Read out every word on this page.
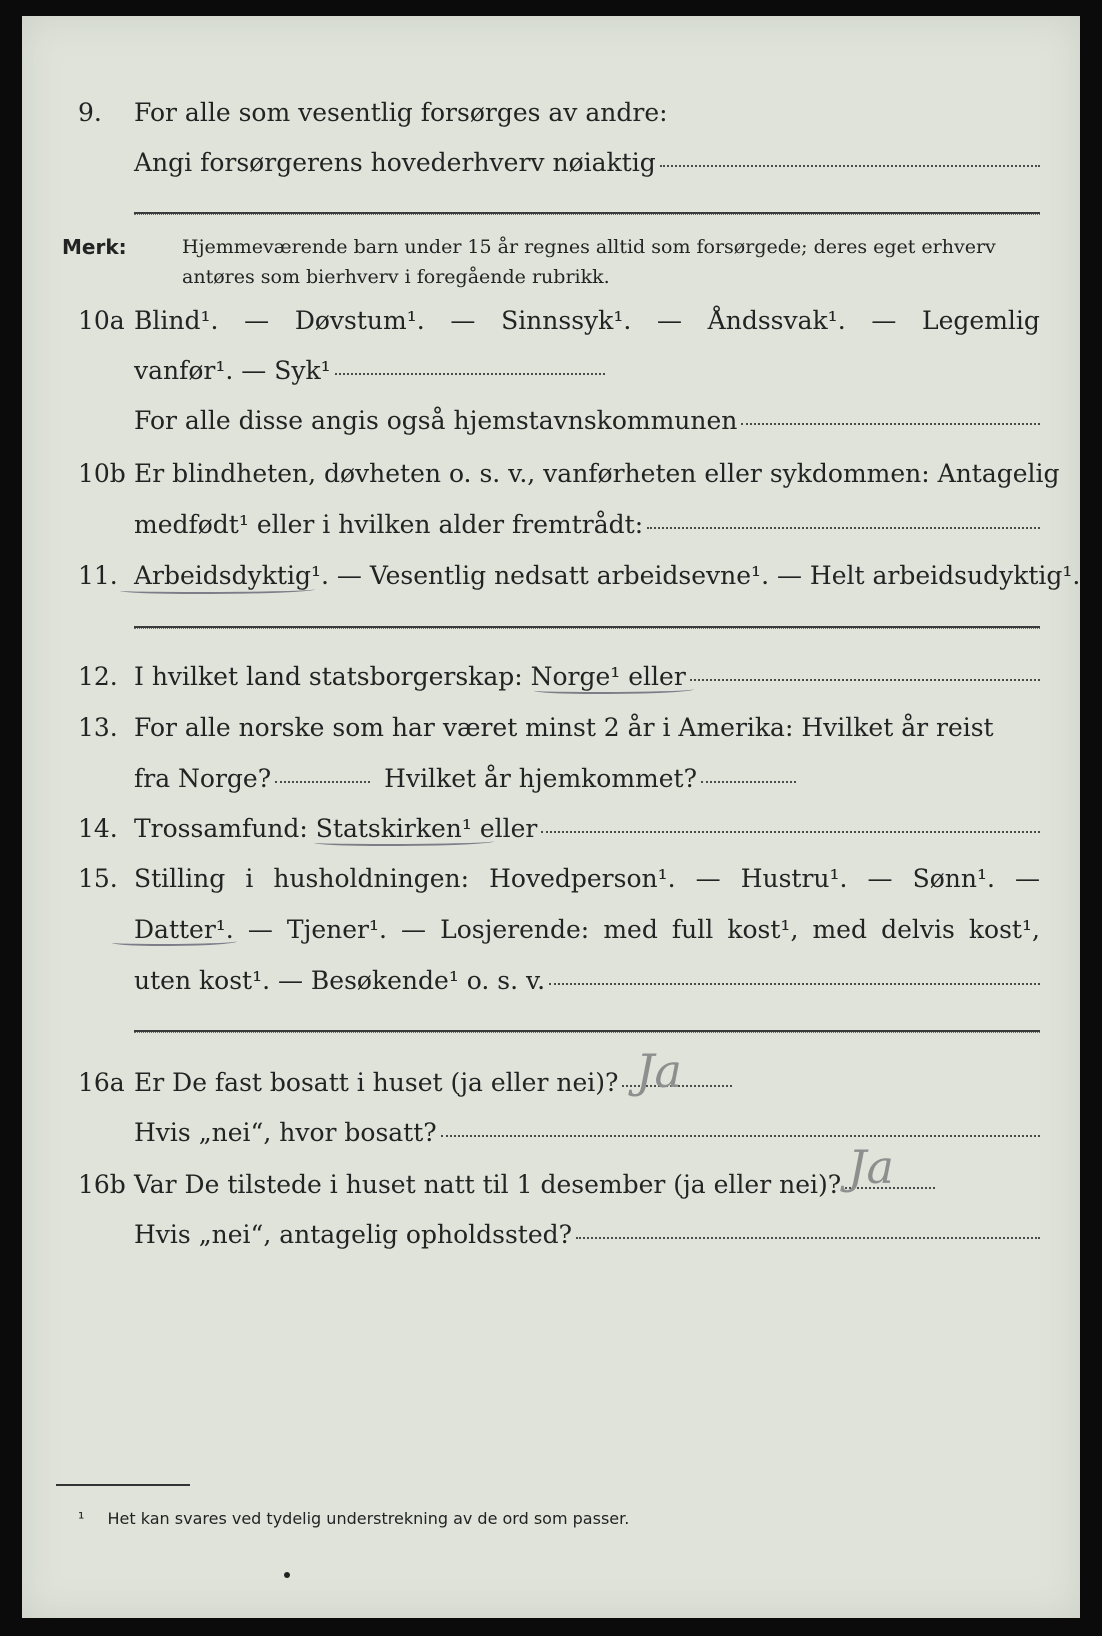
9.	For alle som vesentlig forsørges av andre:
Angi forsørgerens hovederhverv nøiaktig
Merk:	Hjemmeværende barn under 15 år regnes alltid som forsørgede; deres eget erhverv
antøres som bierhverv i foregående rubrikk.
10a Blind¹. — Døvstum¹. — Sinnssyk¹. — Åndssvak¹. — Legemlig
vanfør¹. — Syk¹
For alle disse angis også hjemstavnskommunen
10b Er blindheten, døvheten o. s. v., vanførheten eller sykdommen: Antagelig
medfødt¹ eller i hvilken alder fremtrådt:
11. Arbeidsdyktig¹. — Vesentlig nedsatt arbeidsevne¹. — Helt arbeidsudyktig¹.
12. I hvilket land statsborgerskap: Norge¹ eller
13. For alle norske som har været minst 2 år i Amerika: Hvilket år reist
fra Norge?	Hvilket år hjemkommet?
14. Trossamfund: Statskirken¹ eller
15. Stilling i husholdningen: Hovedperson¹. — Hustru¹. — Sønn¹. —
Datter¹. — Tjener¹. — Losjerende: med full kost¹, med delvis kost¹,
uten kost¹. — Besøkende¹ o. s. v.
16a Er De fast bosatt i huset (ja eller nei)? Ja
Hvis „nei“, hvor bosatt?
16b Var De tilstede i huset natt til 1 desember (ja eller nei)? Ja
Hvis „nei“, antagelig opholdssted?
¹ Het kan svares ved tydelig understrekning av de ord som passer.
